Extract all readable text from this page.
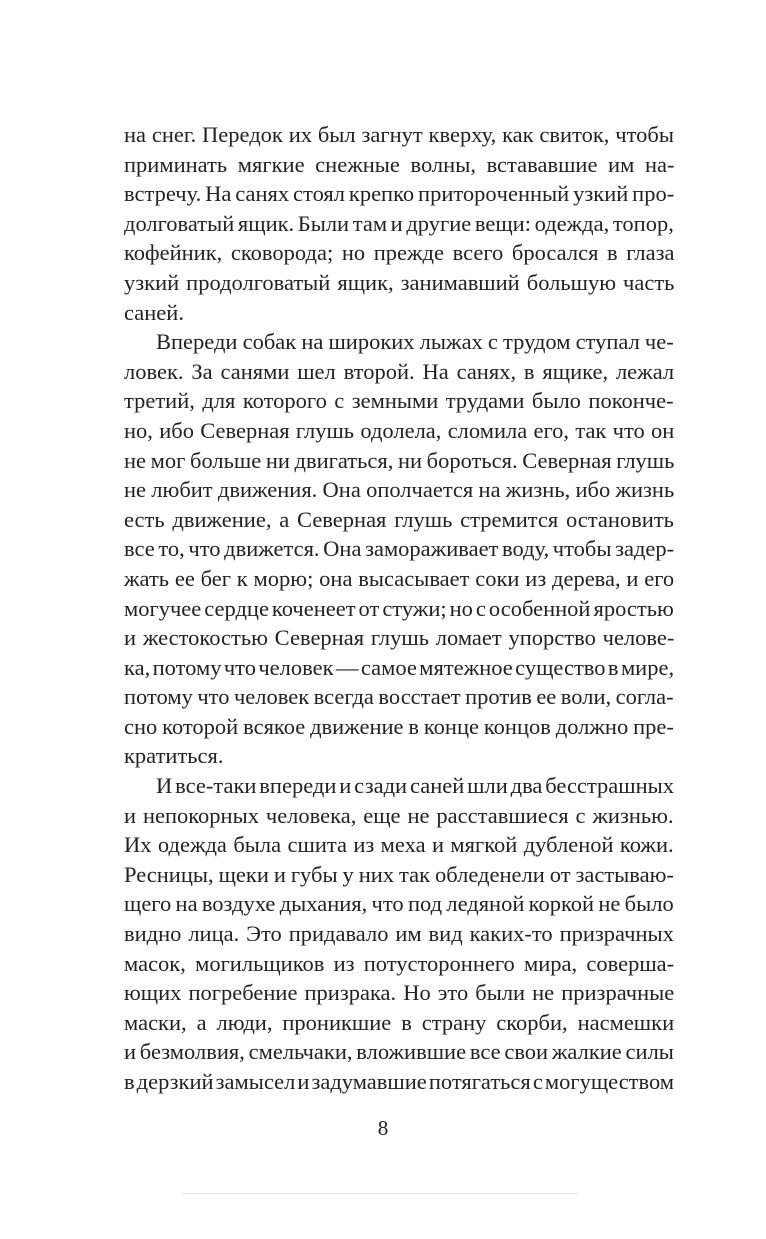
на снег. Передок их был загнут кверху, как свиток, чтобы
приминать мягкие снежные волны, встававшие им на-
встречу. На санях стоял крепко приторoченный узкий про-
долговатый ящик. Были там и другие вещи: одежда, топор,
кофейник, сковорода; но прежде всего бросался в глаза
узкий продолговатый ящик, занимавший большую часть
саней.
Впереди собак на широких лыжах с трудом ступал че-
ловек. За санями шел второй. На санях, в ящике, лежал
третий, для которого с земными трудами было покончe-
но, ибо Северная глушь одолела, сломила его, так что он
не мог больше ни двигаться, ни бороться. Северная глушь
не любит движения. Она ополчается на жизнь, ибо жизнь
есть движение, а Северная глушь стремится остановить
все то, что движется. Она замораживает воду, чтобы задер-
жать ее бег к морю; она высасывает соки из дерева, и его
могучее сердце коченеет от стужи; но с особенной яростью
и жестокостью Северная глушь ломает упорство челове-
ка, потому что человек — самое мятежное существо в мире,
потому что человек всегда восстает против ее воли, согла-
сно которой всякое движение в конце концов должно пре-
кратиться.
И все-таки впереди и сзади саней шли два бесстрашных
и непокорных человека, еще не расставшиеся с жизнью.
Их одежда была сшита из меха и мягкой дубленой кожи.
Ресницы, щеки и губы у них так обледенели от застываю-
щего на воздухе дыхания, что под ледяной коркой не было
видно лица. Это придавало им вид каких-то призрачных
масок, могильщиков из потустороннего мира, соверша-
ющих погребение призрака. Но это были не призрачные
маски, а люди, проникшие в страну скорби, насмешки
и безмолвия, смельчаки, вложившие все свои жалкие силы
в дерзкий замысел и задумавшие потягаться с могуществом
8
